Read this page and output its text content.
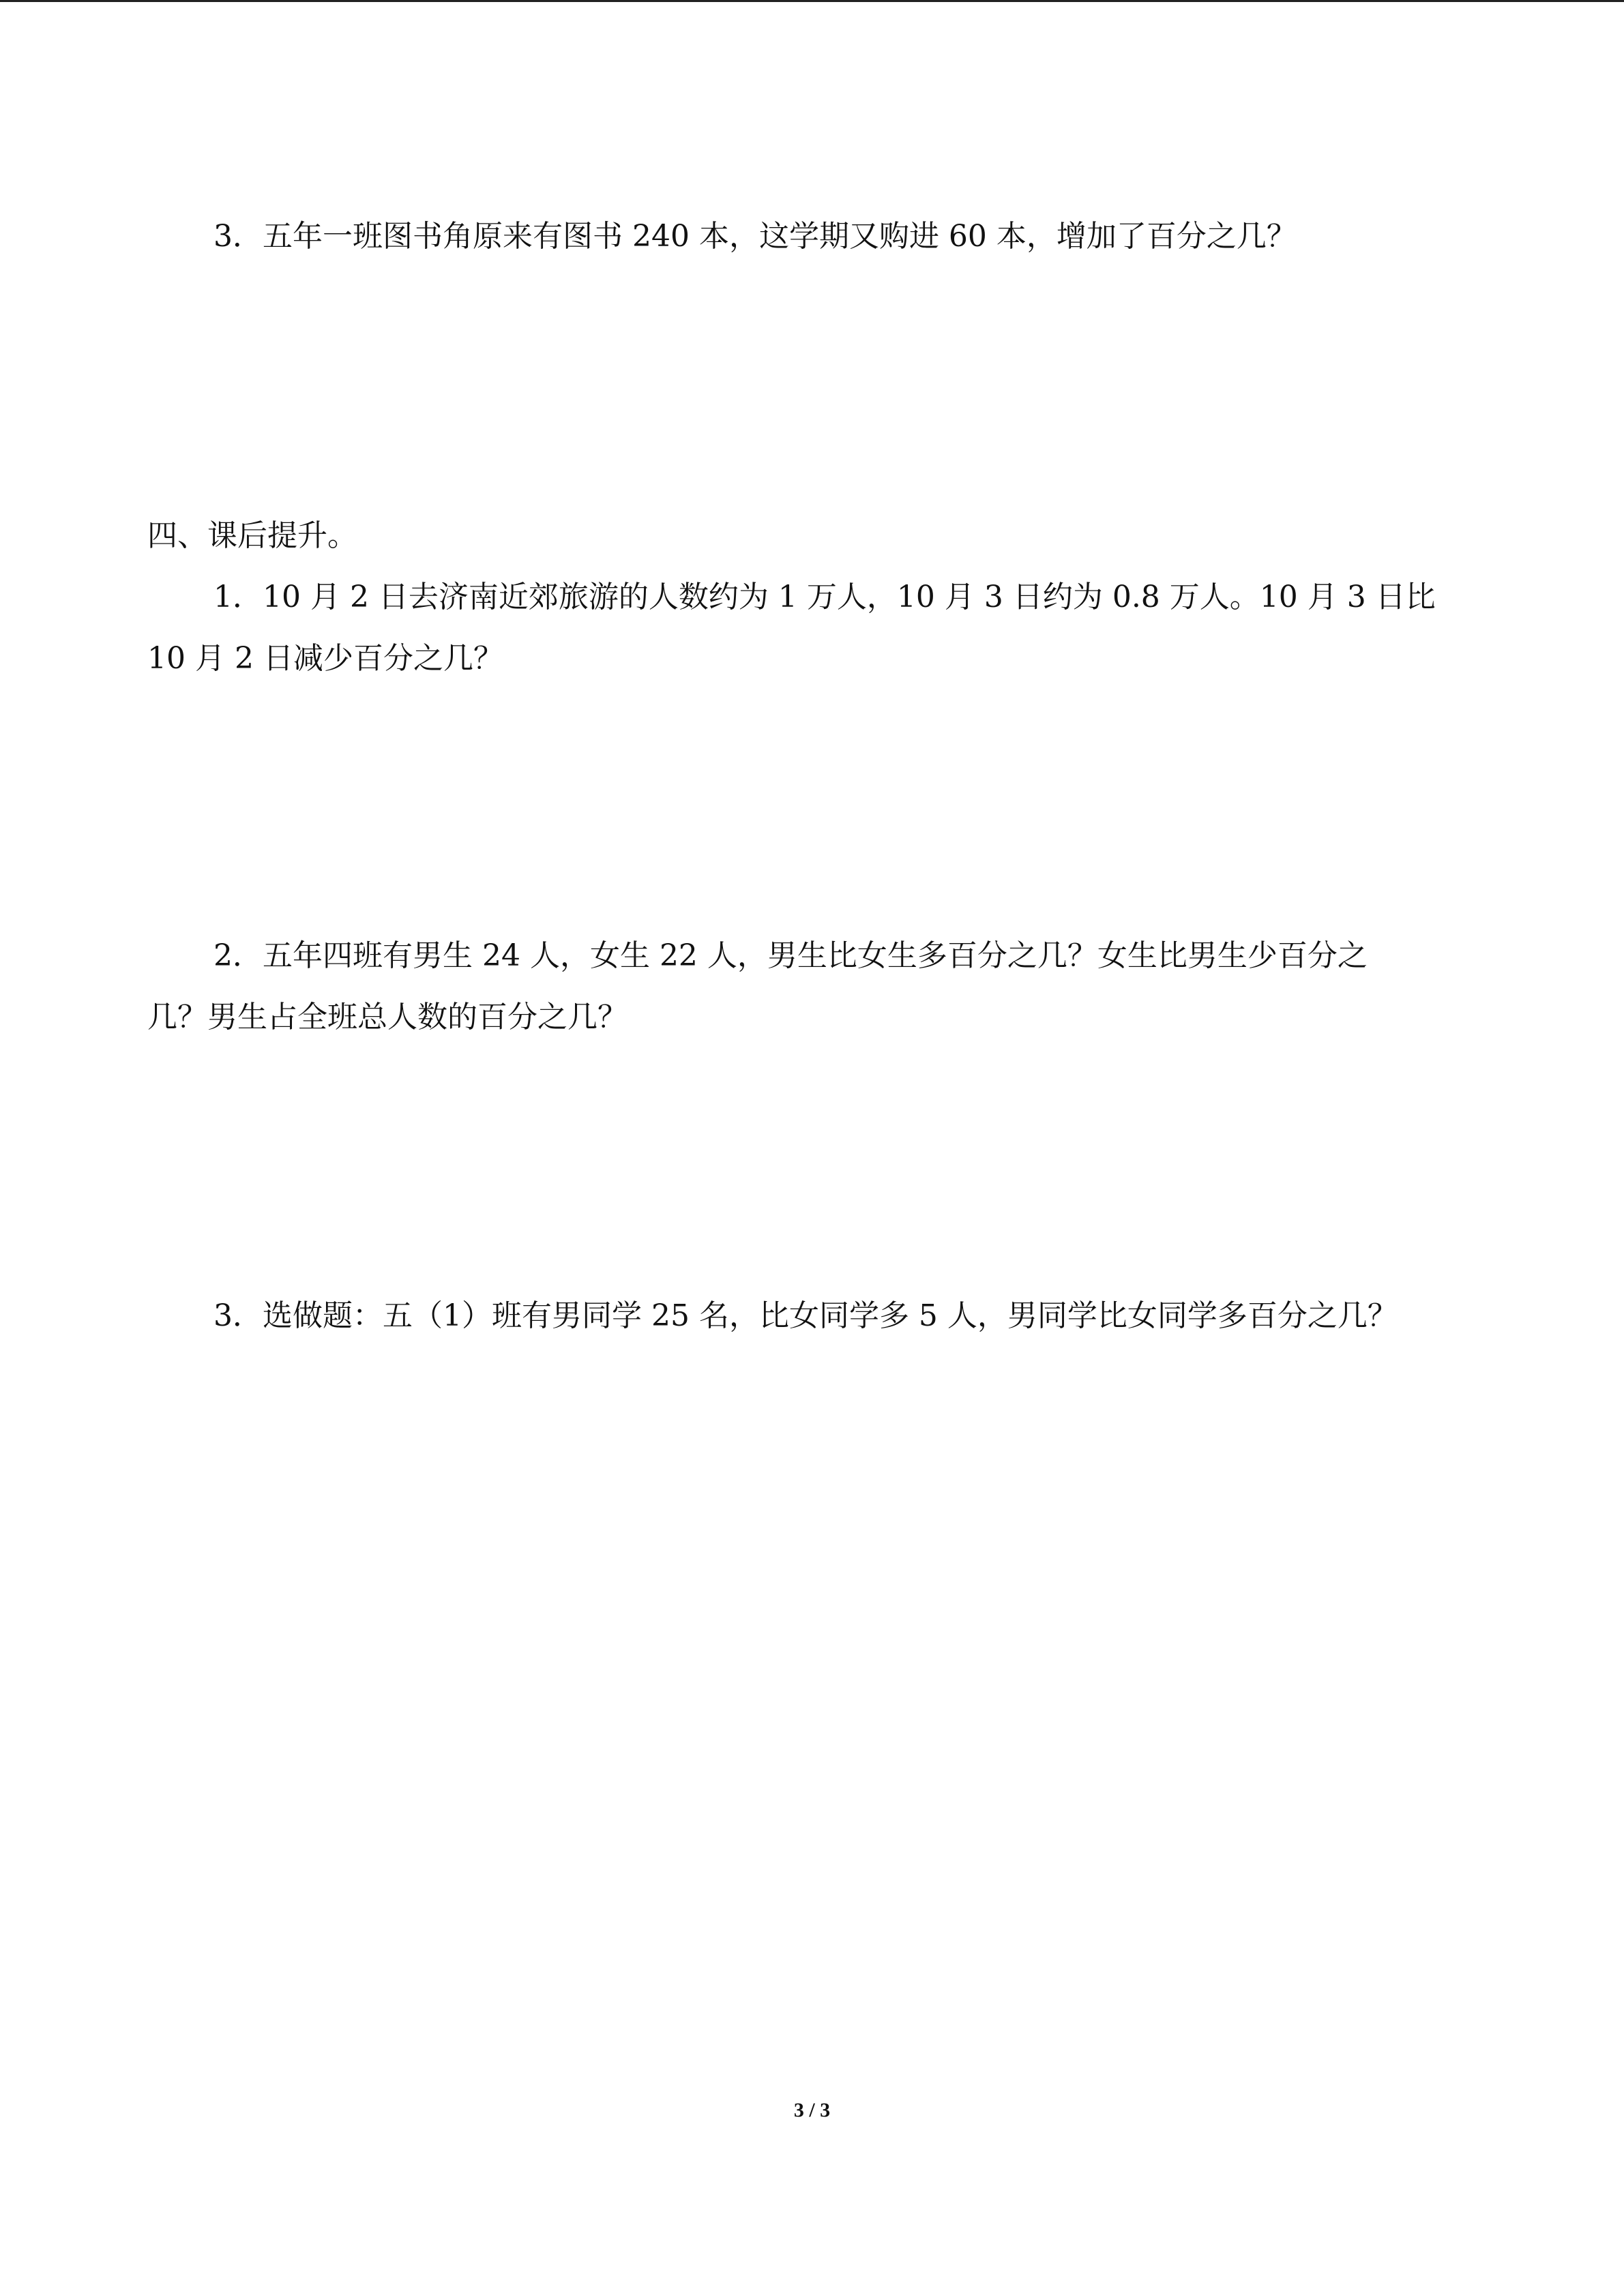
3．五年一班图书角原来有图书 240 本，这学期又购进 60 本，增加了百分之几？
四、课后提升。
1．10 月 2 日去济南近郊旅游的人数约为 1 万人，10 月 3 日约为 0.8 万人。10 月 3 日比
10 月 2 日减少百分之几？
2．五年四班有男生 24 人，女生 22 人，男生比女生多百分之几？女生比男生少百分之
几？男生占全班总人数的百分之几？
3．选做题：五（1）班有男同学 25 名，比女同学多 5 人，男同学比女同学多百分之几？
3 / 3
